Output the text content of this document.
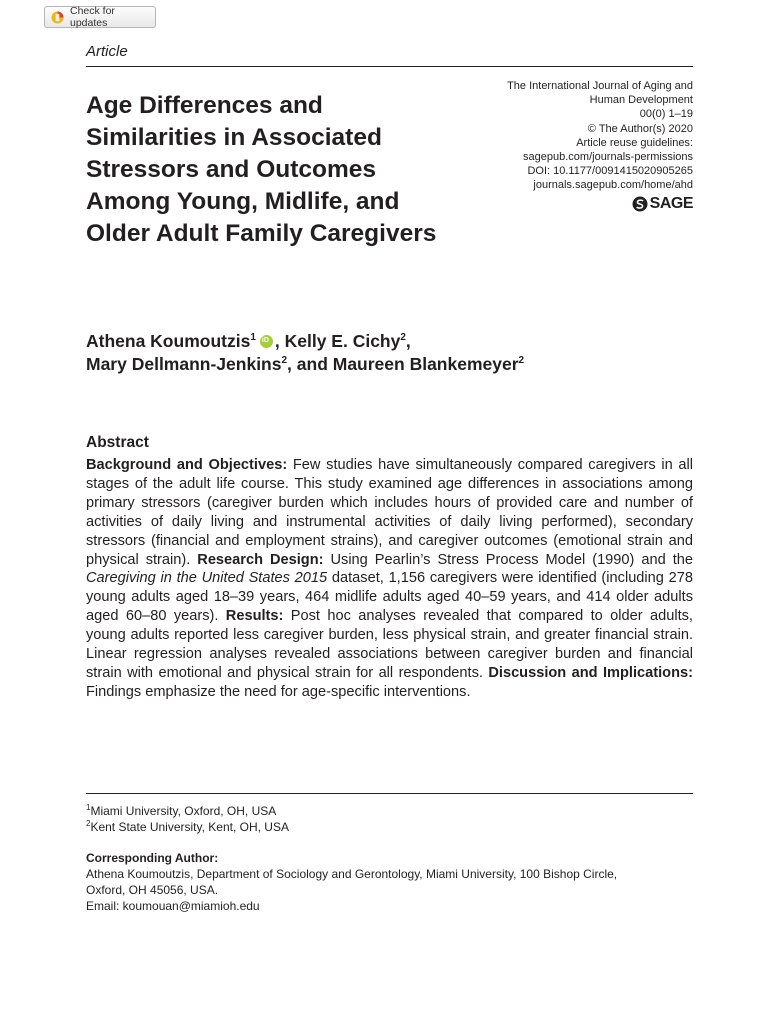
Check for updates
Article
Age Differences and Similarities in Associated Stressors and Outcomes Among Young, Midlife, and Older Adult Family Caregivers
The International Journal of Aging and
Human Development
00(0) 1–19
© The Author(s) 2020
Article reuse guidelines:
sagepub.com/journals-permissions
DOI: 10.1177/0091415020905265
journals.sagepub.com/home/ahd
SAGE
Athena Koumoutzis$^1$iD , Kelly E. Cichy$^2$,
Mary Dellmann-Jenkins$^2$, and Maureen Blankemeyer$^2$
Abstract
Background and Objectives: Few studies have simultaneously compared caregivers in all stages of the adult life course. This study examined age differences in associations among primary stressors (caregiver burden which includes hours of provided care and number of activities of daily living and instrumental activities of daily living performed), secondary stressors (financial and employment strains), and caregiver outcomes (emotional strain and physical strain). Research Design: Using Pearlin’s Stress Process Model (1990) and the Caregiving in the United States 2015 dataset, 1,156 caregivers were identified (including 278 young adults aged 18–39 years, 464 midlife adults aged 40–59 years, and 414 older adults aged 60–80 years). Results: Post hoc analyses revealed that compared to older adults, young adults reported less caregiver burden, less physical strain, and greater financial strain. Linear regression analyses revealed associations between caregiver burden and financial strain with emotional and physical strain for all respondents. Discussion and Implications: Findings emphasize the need for age-specific interventions.
$^1$Miami University, Oxford, OH, USA
$^2$Kent State University, Kent, OH, USA
Corresponding Author:
Athena Koumoutzis, Department of Sociology and Gerontology, Miami University, 100 Bishop Circle,
Oxford, OH 45056, USA.
Email: koumouan@miamioh.edu
